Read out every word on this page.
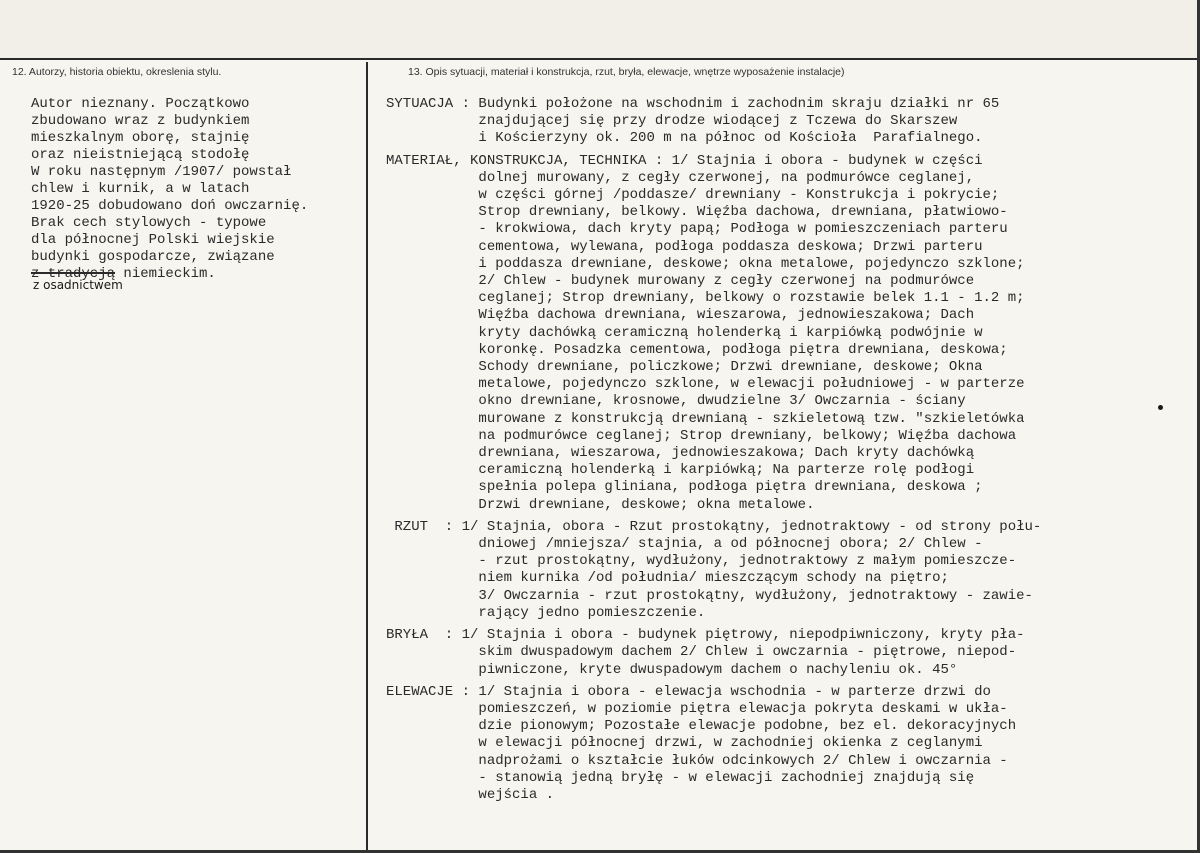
12. Autorzy, historia obiektu, okreslenia stylu.	13. Opis sytuacji, materiał i konstrukcja, rzut, bryła, elewacje, wnętrze wyposażenie instalacje)
Autor nieznany. Początkowo
zbudowano wraz z budynkiem
mieszkalnym oborę, stajnię
oraz nieistniejącą stodołę
W roku następnym /1907/ powstał
chlew i kurnik, a w latach
1920-25 dobudowano doń owczarnię.
Brak cech stylowych - typowe
dla północnej Polski wiejskie
budynki gospodarcze, związane
z tradycją niemieckim.
z osadnictwem
SYTUACJA : Budynki położone na wschodnim i zachodnim skraju działki nr 65
znajdującej się przy drodze wiodącej z Tczewa do Skarszew
i Kościerzyny ok. 200 m na północ od Kościoła  Parafialnego.
MATERIAŁ, KONSTRUKCJA, TECHNIKA : 1/ Stajnia i obora - budynek w części
dolnej murowany, z cegły czerwonej, na podmurówce ceglanej,
w części górnej /poddasze/ drewniany - Konstrukcja i pokrycie;
Strop drewniany, belkowy. Więźba dachowa, drewniana, płatwiowo-
- krokwiowa, dach kryty papą; Podłoga w pomieszczeniach parteru
cementowa, wylewana, podłoga poddasza deskowa; Drzwi parteru
i poddasza drewniane, deskowe; okna metalowe, pojedynczo szklone;
2/ Chlew - budynek murowany z cegły czerwonej na podmurówce
ceglanej; Strop drewniany, belkowy o rozstawie belek 1.1 - 1.2 m;
Więźba dachowa drewniana, wieszarowa, jednowieszakowa; Dach
kryty dachówką ceramiczną holenderką i karpiówką podwójnie w
koronkę. Posadzka cementowa, podłoga piętra drewniana, deskowa;
Schody drewniane, policzkowe; Drzwi drewniane, deskowe; Okna
metalowe, pojedynczo szklone, w elewacji południowej - w parterze
okno drewniane, krosnowe, dwudzielne 3/ Owczarnia - ściany
murowane z konstrukcją drewnianą - szkieletową tzw. "szkieletówka
na podmurówce ceglanej; Strop drewniany, belkowy; Więźba dachowa
drewniana, wieszarowa, jednowieszakowa; Dach kryty dachówką
ceramiczną holenderką i karpiówką; Na parterze rolę podłogi
spełnia polepa gliniana, podłoga piętra drewniana, deskowa ;
Drzwi drewniane, deskowe; okna metalowe.
RZUT  : 1/ Stajnia, obora - Rzut prostokątny, jednotraktowy - od strony połu-
dniowej /mniejsza/ stajnia, a od północnej obora; 2/ Chlew -
- rzut prostokątny, wydłużony, jednotraktowy z małym pomieszcze-
niem kurnika /od południa/ mieszczącym schody na piętro;
3/ Owczarnia - rzut prostokątny, wydłużony, jednotraktowy - zawie-
rający jedno pomieszczenie.
BRYŁA  : 1/ Stajnia i obora - budynek piętrowy, niepodpiwniczony, kryty pła-
skim dwuspadowym dachem 2/ Chlew i owczarnia - piętrowe, niepod-
piwniczone, kryte dwuspadowym dachem o nachyleniu ok. 45°
ELEWACJE : 1/ Stajnia i obora - elewacja wschodnia - w parterze drzwi do
pomieszczeń, w poziomie piętra elewacja pokryta deskami w ukła-
dzie pionowym; Pozostałe elewacje podobne, bez el. dekoracyjnych
w elewacji północnej drzwi, w zachodniej okienka z ceglanymi
nadprożami o kształcie łuków odcinkowych 2/ Chlew i owczarnia -
- stanowią jedną bryłę - w elewacji zachodniej znajdują się
wejścia .
